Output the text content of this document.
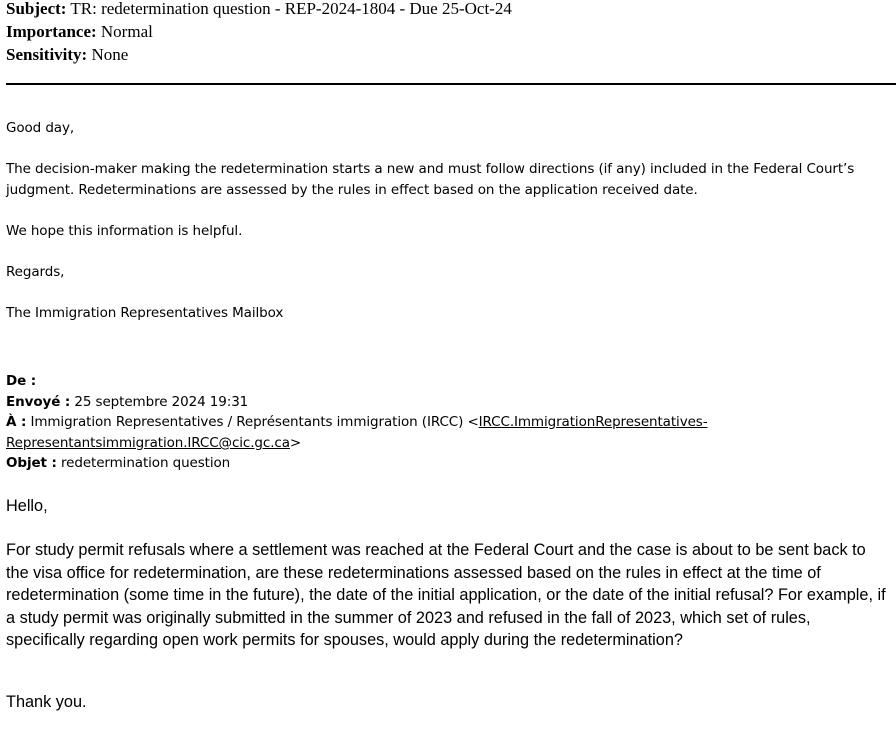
Subject: TR: redetermination question - REP-2024-1804 - Due 25-Oct-24
Importance: Normal
Sensitivity: None
Good day,
The decision-maker making the redetermination starts a new and must follow directions (if any) included in the Federal Court’s judgment. Redeterminations are assessed by the rules in effect based on the application received date.
We hope this information is helpful.
Regards,
The Immigration Representatives Mailbox
De :
Envoyé : 25 septembre 2024 19:31
À : Immigration Representatives / Représentants immigration (IRCC) <IRCC.ImmigrationRepresentatives-
Representantsimmigration.IRCC@cic.gc.ca>
Objet : redetermination question
Hello,
For study permit refusals where a settlement was reached at the Federal Court and the case is about to be sent back to the visa office for redetermination, are these redeterminations assessed based on the rules in effect at the time of redetermination (some time in the future), the date of the initial application, or the date of the initial refusal? For example, if a study permit was originally submitted in the summer of 2023 and refused in the fall of 2023, which set of rules, specifically regarding open work permits for spouses, would apply during the redetermination?
Thank you.
